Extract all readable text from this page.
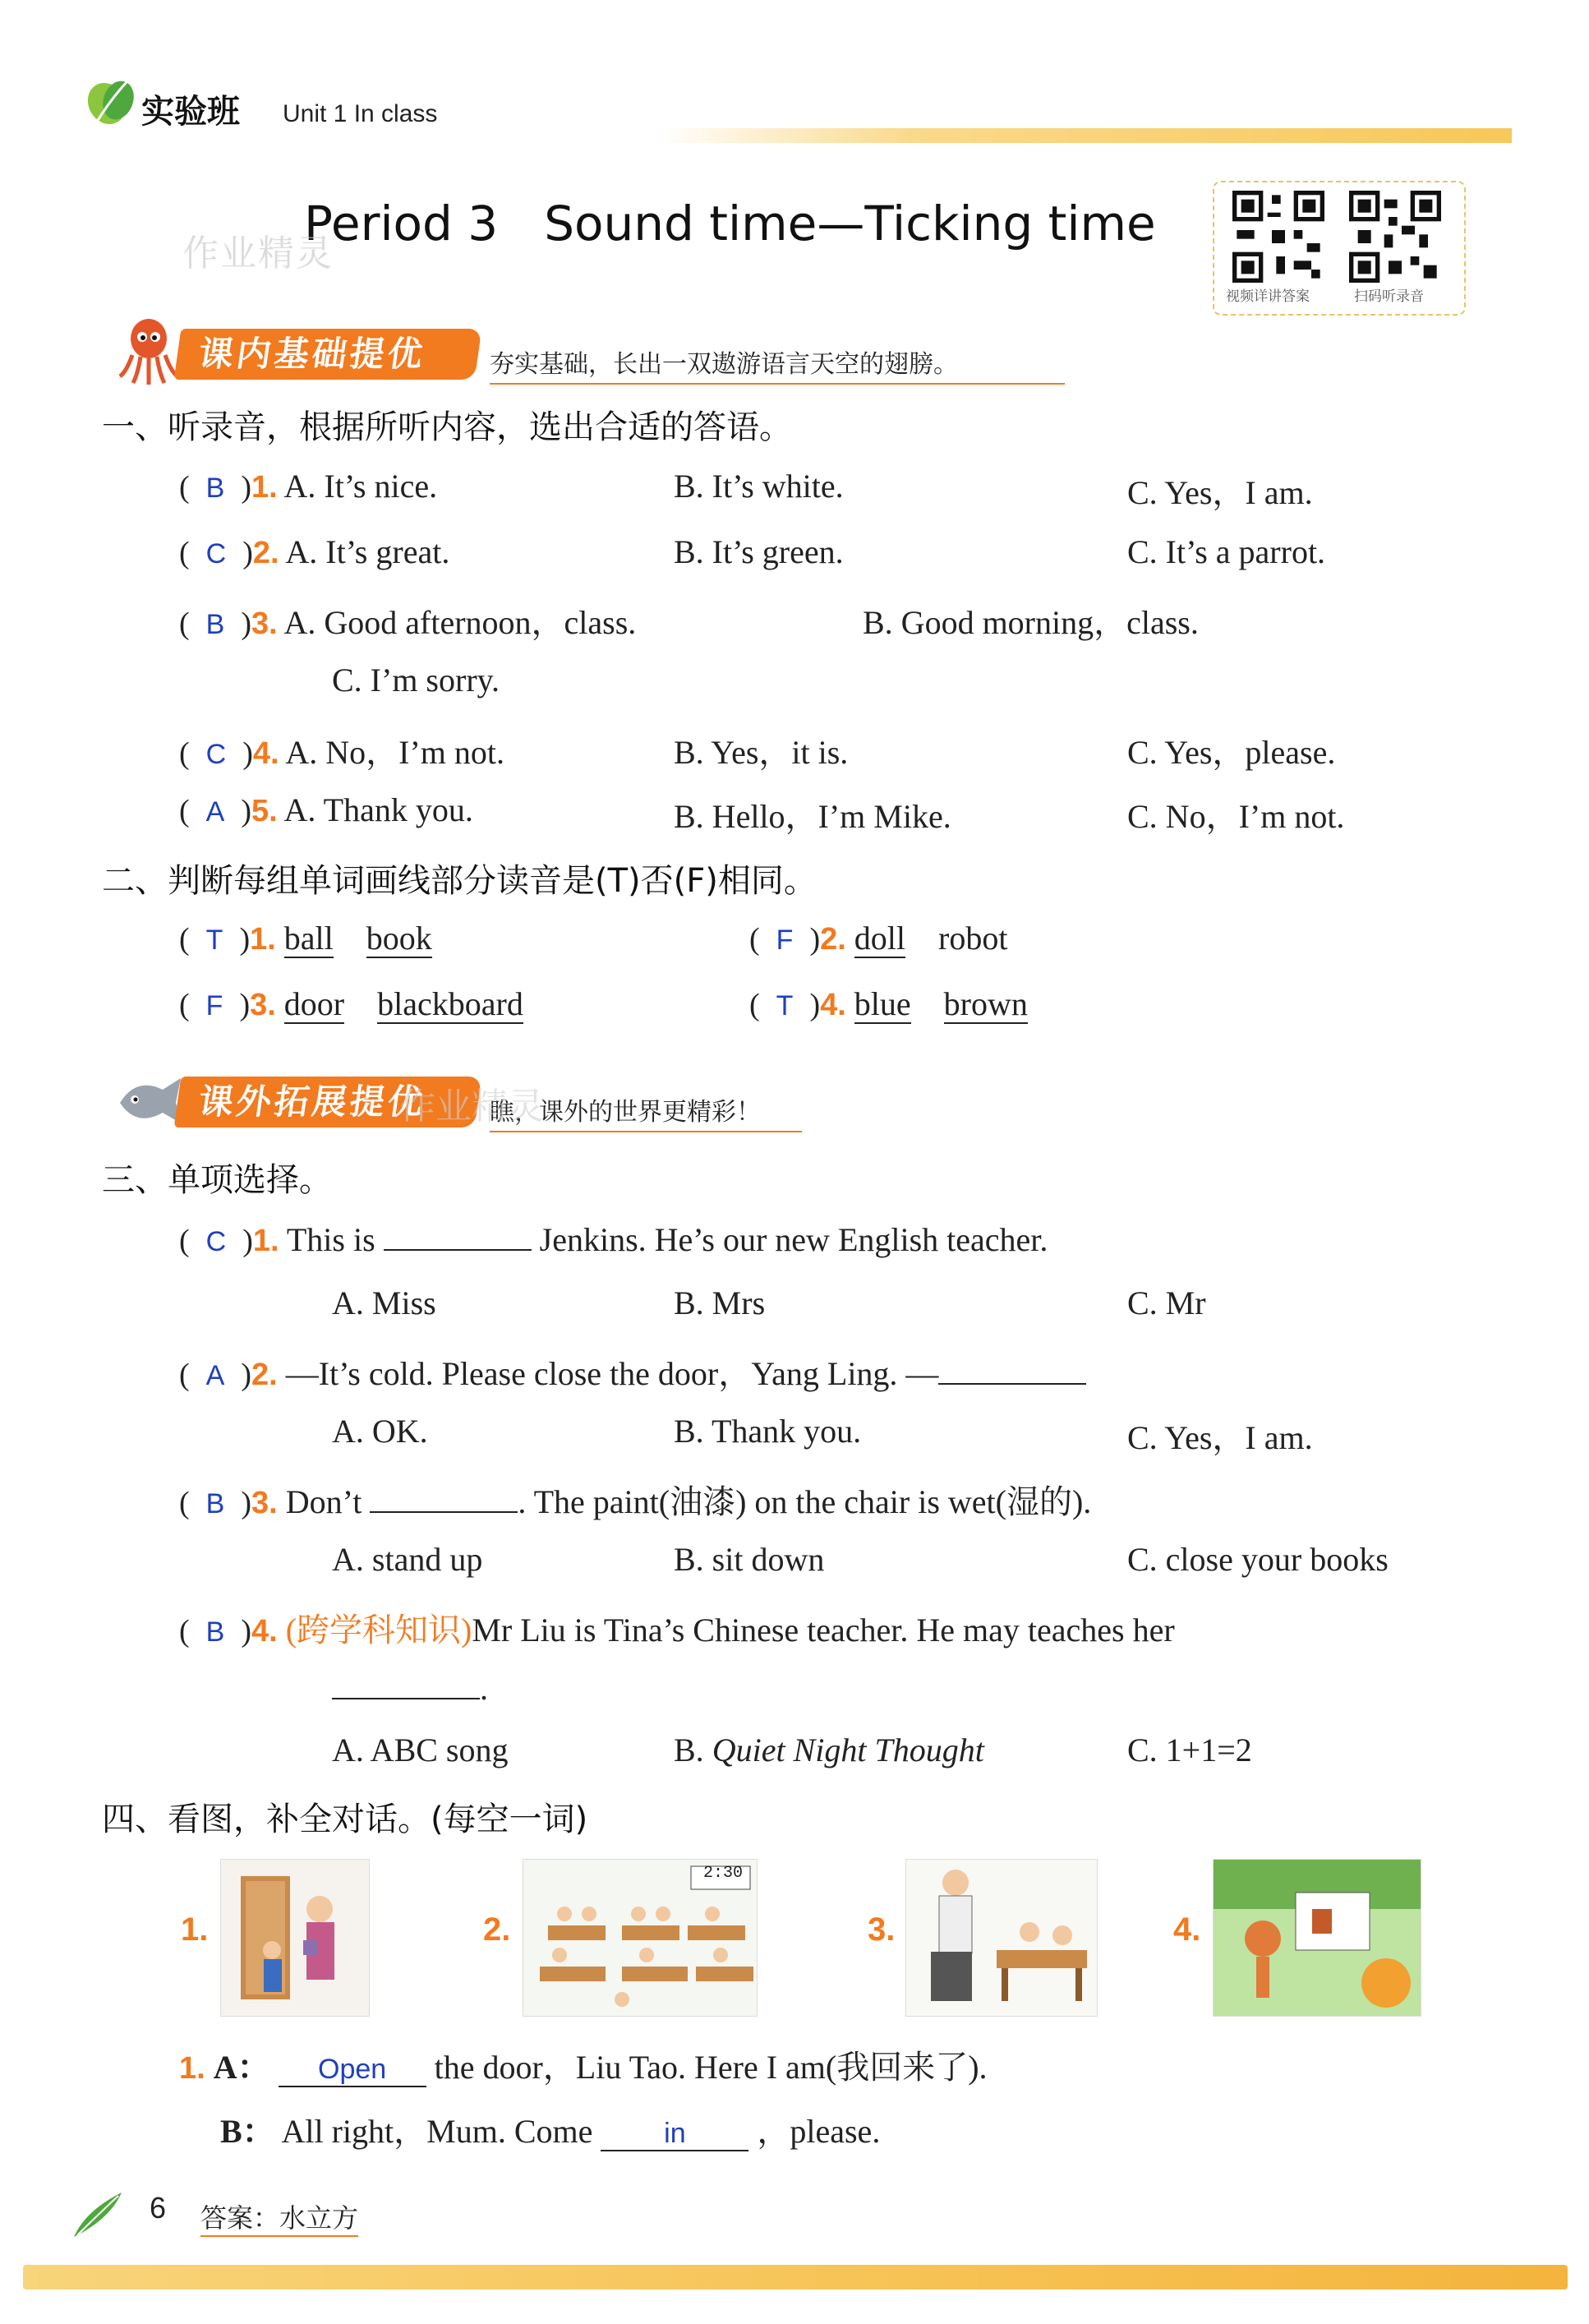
实验班 Unit 1 In class
Period 3 Sound time—Ticking time
作业精灵
视频详讲答案	扫码听录音
课内基础提优	夯实基础，长出一双遨游语言天空的翅膀。
一、听录音，根据所听内容，选出合适的答语。
( B )1. A. It’s nice.	B. It’s white.	C. Yes，I am.
( C )2. A. It’s great.	B. It’s green.	C. It’s a parrot.
( B )3. A. Good afternoon，class.	B. Good morning，class.
C. I’m sorry.
( C )4. A. No，I’m not.	B. Yes，it is.	C. Yes，please.
( A )5. A. Thank you.	B. Hello，I’m Mike.	C. No，I’m not.
二、判断每组单词画线部分读音是(T)否(F)相同。
( T )1. ball book	( F )2. doll robot
( F )3. door blackboard	( T )4. blue brown
课外拓展提优	瞧，课外的世界更精彩！
作业精灵
三、单项选择。
( C )1. This is	Jenkins. He’s our new English teacher.
A. Miss	B. Mrs	C. Mr
( A )2. —It’s cold. Please close the door，Yang Ling. —
A. OK.	B. Thank you.	C. Yes，I am.
( B )3. Don’t	. The paint(油漆) on the chair is wet(湿的).
A. stand up	B. sit down	C. close your books
( B )4. (跨学科知识)Mr Liu is Tina’s Chinese teacher. He may teaches her
.
A. ABC song	B. Quiet Night Thought	C. 1+1=2
四、看图，补全对话。(每空一词)
1.	2.
2:30
3.	4.
1. A： Open the door，Liu Tao. Here I am(我回来了).
B： All right，Mum. Come	in ，please.
6 答案：水立方
